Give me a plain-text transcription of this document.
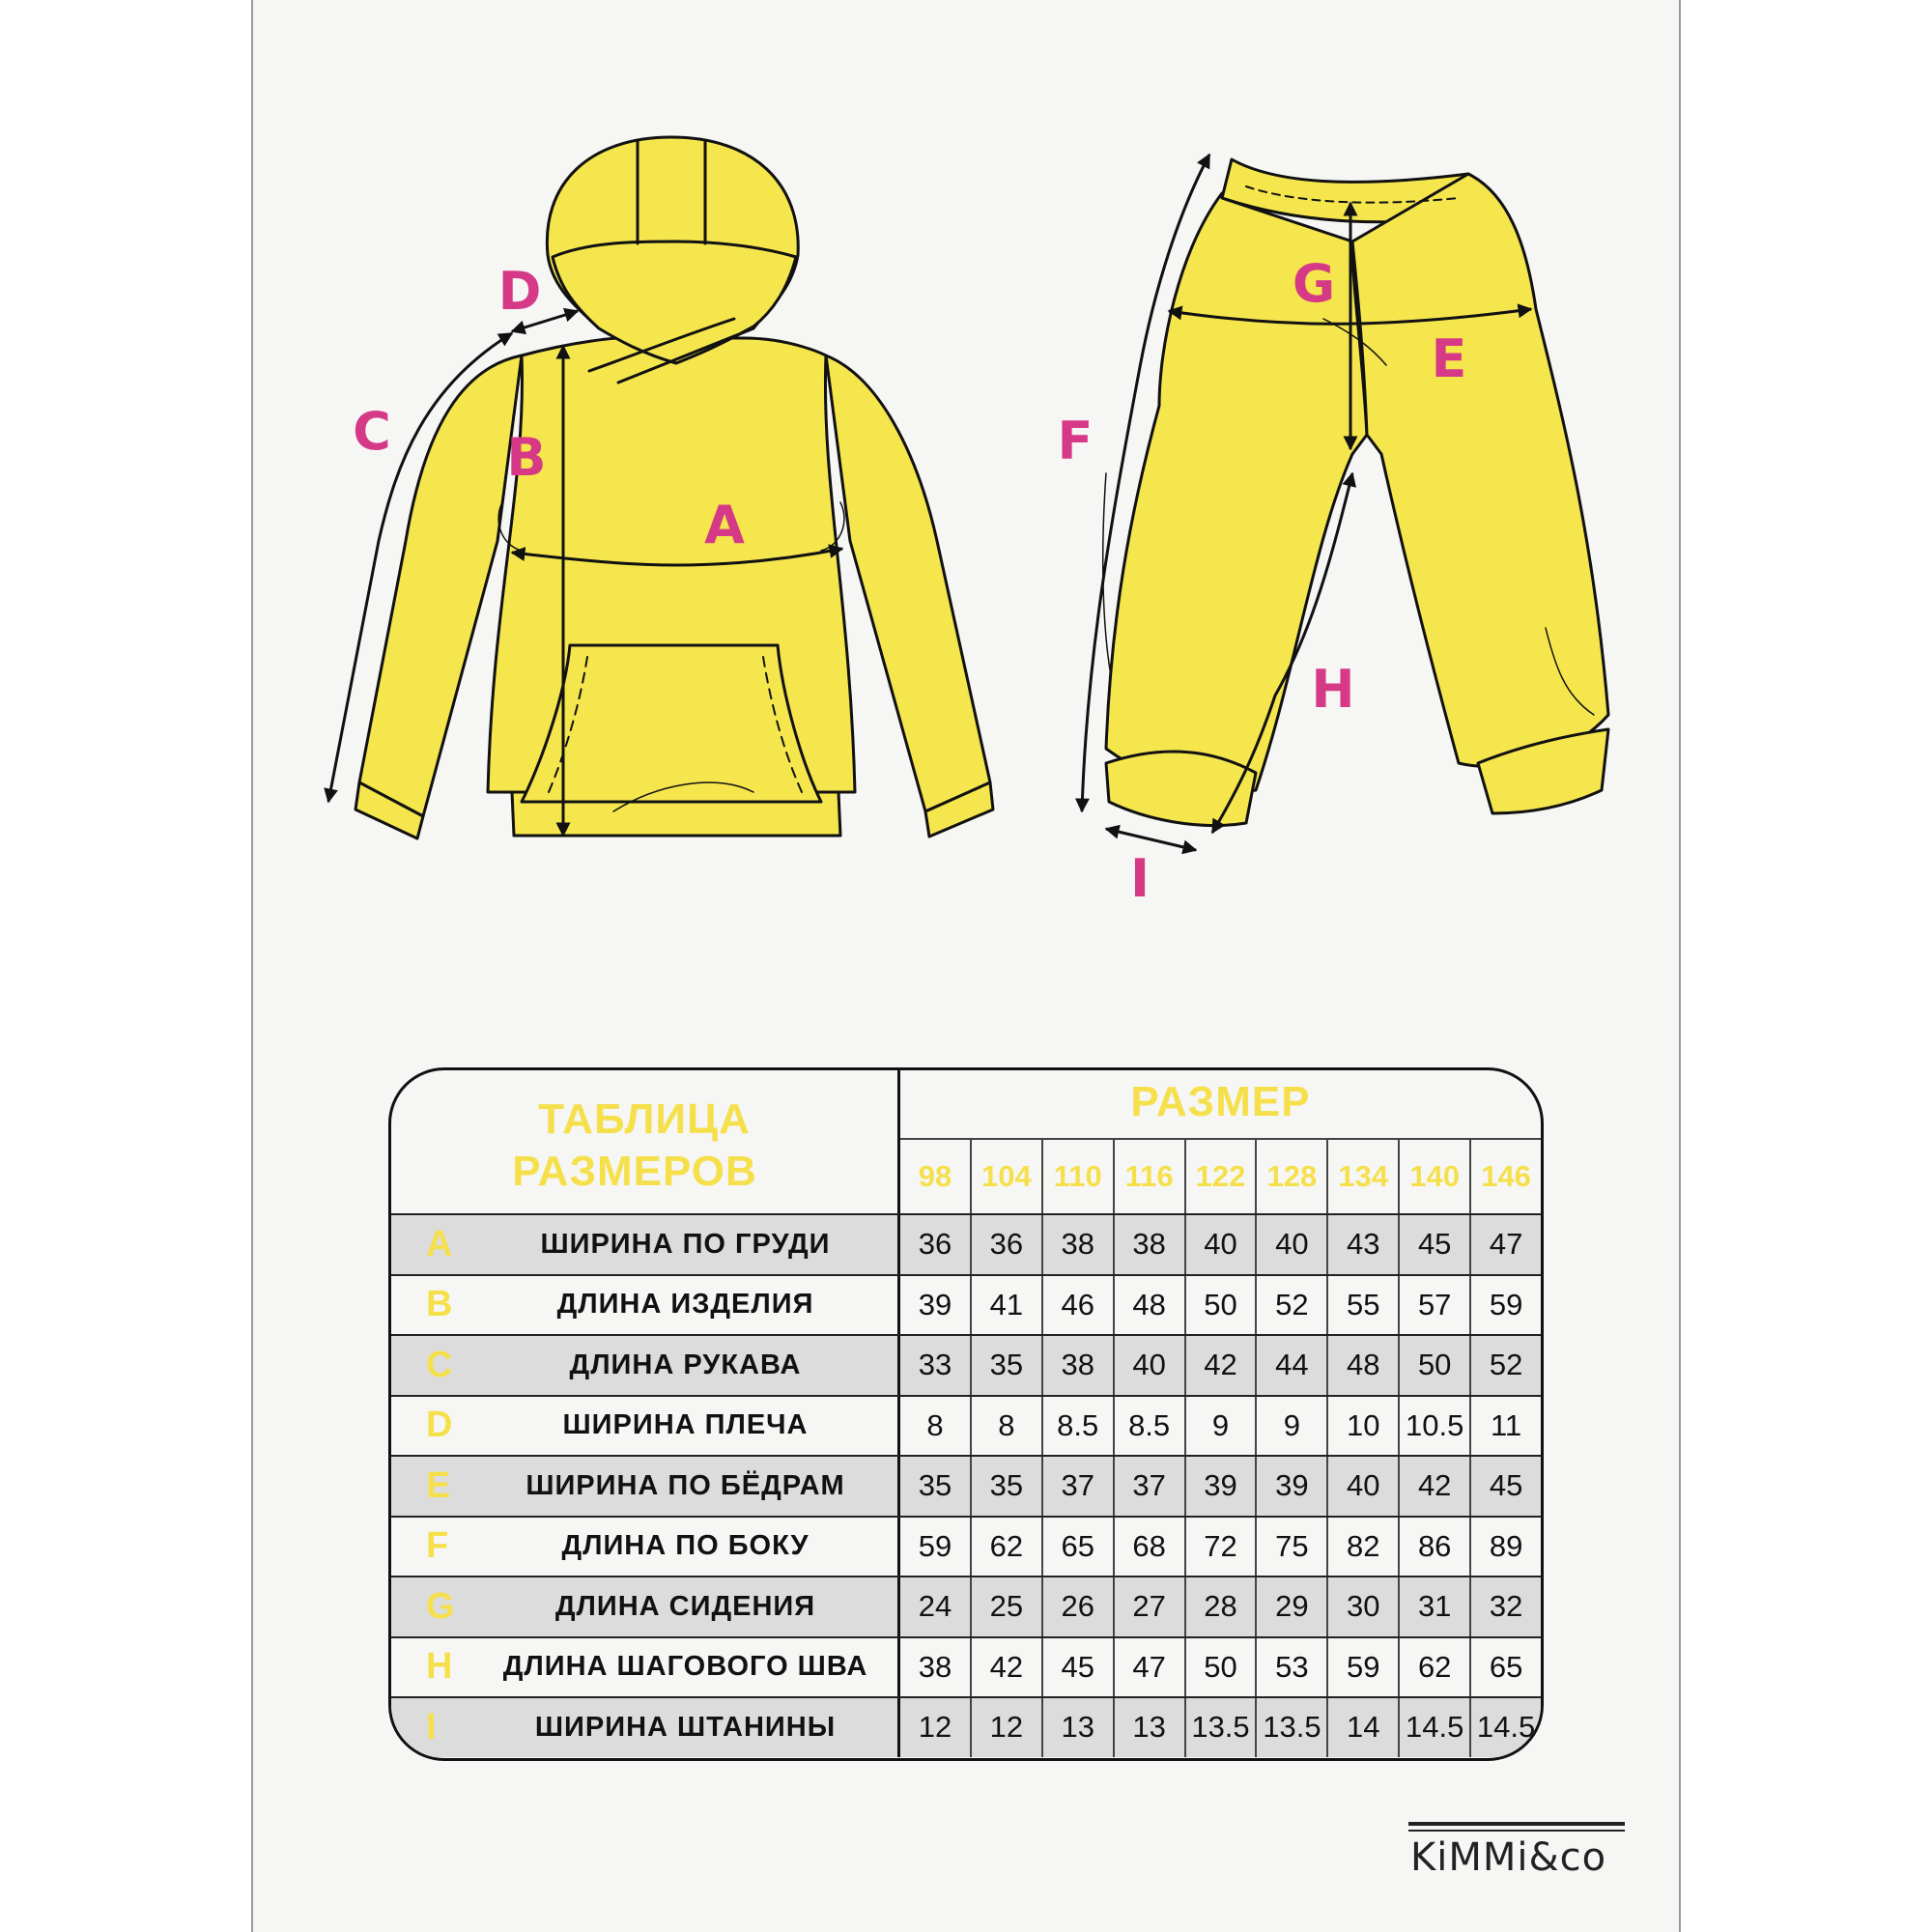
A
B
C
D
E
F
G
H
I
ТАБЛИЦА
РАЗМЕРОВ
РАЗМЕР
98 104 110 116 122 128 134 140 146
A	ШИРИНА ПО ГРУДИ	36	36	38	38	40	40	43	45	47
B	ДЛИНА ИЗДЕЛИЯ	39	41	46	48	50	52	55	57	59
C	ДЛИНА РУКАВА	33	35	38	40	42	44	48	50	52
D	ШИРИНА ПЛЕЧА	8	8	8.5 8.5	9	9	10 10.5 11
E	ШИРИНА ПО БЁДРАМ	35	35	37	37	39	39	40	42	45
F	ДЛИНА ПО БОКУ	59	62	65	68	72	75	82	86	89
G	ДЛИНА СИДЕНИЯ	24	25	26	27	28	29	30	31	32
H	ДЛИНА ШАГОВОГО ШВА	38	42	45	47	50	53	59	62	65
I	ШИРИНА ШТАНИНЫ	12	12	13	13 13.5 13.5 14 14.5 14.5
KiMMi&co
